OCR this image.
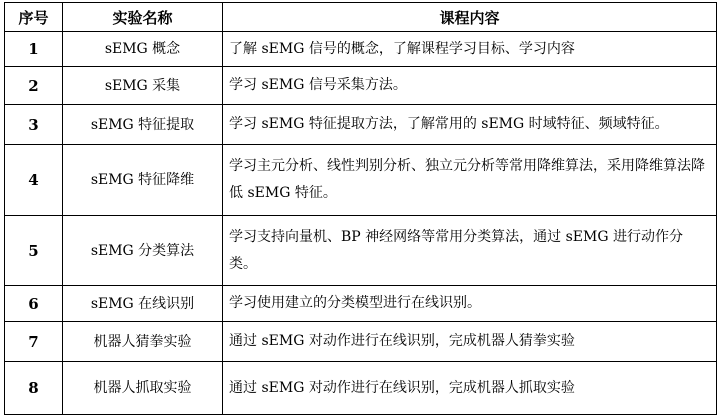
序号	实验名称	课程内容
1	sEMG 概念	了解 sEMG 信号的概念，了解课程学习目标、学习内容
2	sEMG 采集	学习 sEMG 信号采集方法。
3	sEMG 特征提取	学习 sEMG 特征提取方法，了解常用的 sEMG 时域特征、频域特征。
4	sEMG 特征降维	学习主元分析、线性判别分析、独立元分析等常用降维算法，采用降维算法降低 sEMG 特征。
5	sEMG 分类算法	学习支持向量机、BP 神经网络等常用分类算法，通过 sEMG 进行动作分类。
6	sEMG 在线识别	学习使用建立的分类模型进行在线识别。
7	机器人猜拳实验	通过 sEMG 对动作进行在线识别，完成机器人猜拳实验
8	机器人抓取实验	通过 sEMG 对动作进行在线识别，完成机器人抓取实验
